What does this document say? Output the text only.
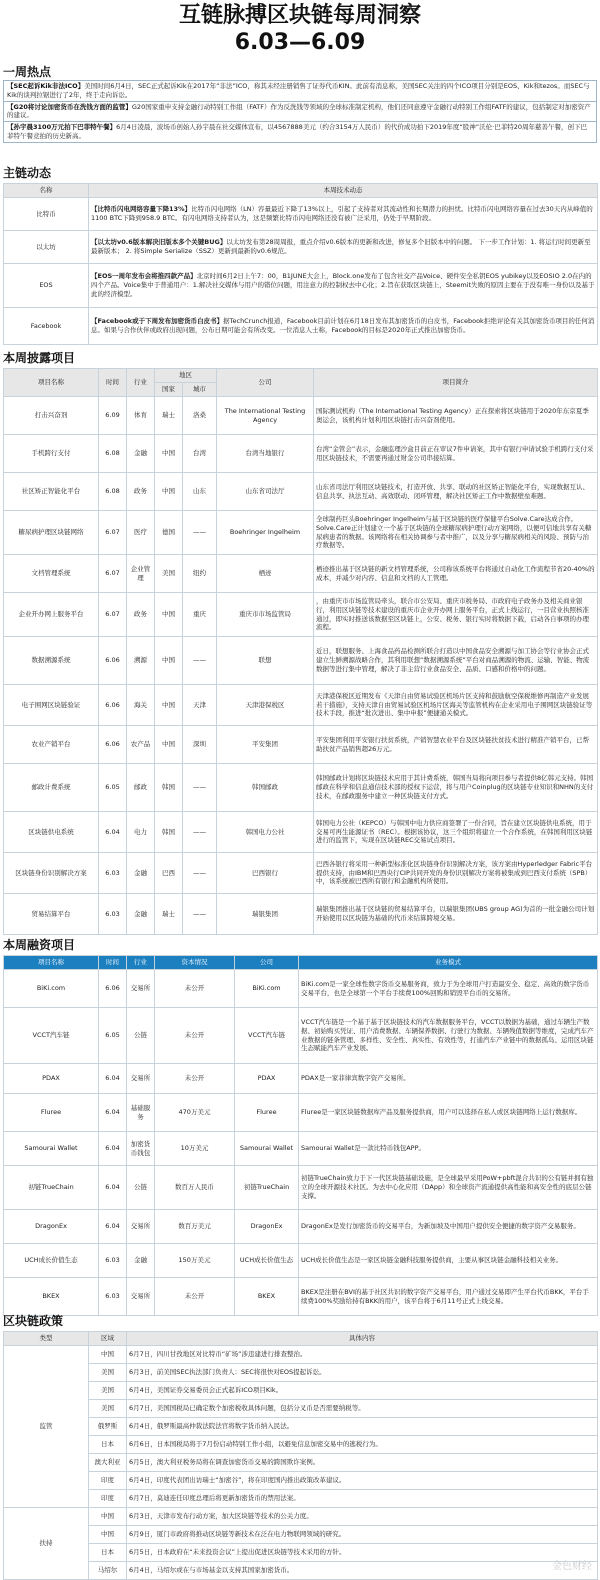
互链脉搏区块链每周洞察
6.03—6.09
一周热点
【SEC起诉Kik非法ICO】美国时间6月4日，SEC正式起诉Kik在2017年“非法”ICO，称其未经注册销售了证券代币KIN。此前有消息称，美国SEC关注的四个ICO项目分别是EOS、Kik和tezos。而SEC与Kik的谈判拉锯进行了2年，终于走向诉讼。
【G20将讨论加密货币在洗钱方面的监管】G20国家重申支持金融行动特别工作组（FATF）作为反洗钱等领域的全球标准制定机构，他们还同意遵守金融行动特别工作组FATF的建议，包括制定对加密资产的建议。
【孙宇晨3100万元拍下巴菲特午餐】6月4日凌晨，波场币创始人孙宇晨在社交媒体宣布，以4567888美元（约合3154万人民币）的代价成功拍下2019年度“股神”沃伦·巴菲特20周年慈善午餐，创下巴菲特午餐竞拍的历史新高。
主链动态
名称	本周技术动态
比特币	【比特币闪电网络容量下降13%】比特币闪电网络（LN）容量最近下降了13%以上，引起了支持者对其流动性和长期潜力的担忧。比特币闪电网络容量在过去30天内从峰值的1100 BTC下降到958.9 BTC。有闪电网络支持者认为，这是频繁比特币闪电网络还没有被广泛采用，仍处于早期阶段。
以太坊	【以太坊v0.6版本解决旧版本多个关键BUG】以太坊发布第28周周报，重点介绍v0.6版本的更新和改进，修复多个旧版本中的问题。 下一步工作计划：1. 将运行时间更新至最新版本； 2. 将Simple Serialize（SSZ）更新到最新的v0.6规范。
EOS	【EOS一周年发布会将推四款产品】北京时间6月2日上午7：00，B1JUNE大会上，Block.one发布了包含社交产品Voice、硬件安全私钥EOS yubikey以及EOSIO 2.0在内的四个产品。Voice集中于普通用户：1.解决社交媒体与用户的错位问题，用注意力的控制权去中心化；2.旨在获取区块链上，Steemit失败的原因主要在于没有唯一身份以及基于此的经济模型。
Facebook	【Facebook或于下周发布加密货币白皮书】据TechCrunch报道，Facebook目前计划在6月18日发布其加密货币的白皮书，Facebook拒绝评论有关其加密货币项目的任何消息。如果与合作伙伴或政府出现问题，公布日期可能会有所改变。一位消息人士称，Facebook的目标是2020年正式推出加密货币。
本周披露项目
项目名称	时间	行业	地区		公司	项目简介
			国家	城市		
打击兴奋剂	6.09	体育	瑞士	洛桑	The International Testing Agency	国际测试机构（The International Testing Agency）正在探索将区块链用于2020年东京夏季奥运会，该机构计划利用区块链打击兴奋剂使用。
手机跨行支付	6.08	金融	中国	台湾	台湾当地银行	台湾“金管会”表示，金融监理沙盒目前正在审议7件申请案，其中有银行申请试验手机跨行支付采用区块链技术，不需要再通过财金公司串接结算。
社区矫正智能化平台	6.08	政务	中国	山东	山东省司法厅	山东省司法厅利用区块链技术，打造开放、共享、联动的社区矫正智能化平台，实现数据互认、信息共享、执法互动、高效联动、闭环管理，解决社区矫正工作中数据壁垒难题。
糖尿病护理区块链网络	6.07	医疗	德国	——	Boehringer Ingelheim	全球制药巨头Boehringer Ingelheim与基于区块链的医疗保健平台Solve.Care达成合作。Solve.Care正计划建立一个基于区块链的全球糖尿病护理行动方案网络，以便可信地共享有关糖尿病患者的数据。该网络将在相关协调参与者中推广，以及分享与糖尿病相关的风险、预防与治疗数据等。
文档管理系统	6.07	企业管理	美国	纽约	栖迹	栖迹推出基于区块链的新文档管理系统，公司称该系统平台将通过自动化工作流程节省20-40%的成本，并减少对内容、信息和文档的人工管理。
企业开办网上服务平台	6.07	政务	中国	重庆	重庆市市场监管局	，由重庆市市场监管局牵头，联合市公安局、重庆市税务局、市政府电子政务办及相关商业银行，利用区块链等技术建设的重庆市企业开办网上服务平台，正式上线运行，一目营业执照核准通过，即实时推送该数据至区块链上，公安、税务、银行实时将数据下载，启动各自事项的办理流程。
数据溯源系统	6.06	溯源	中国	——	联想	近日，联想服务、上海食品药品检测所联合打造以中国食品安全溯源与加工协会等行业协会正式建立生鲜溯源战略合作，其利用联想“数据溯源系统”平台对商品溯源的物流、运输、智能、物流数据等进行集中管理，解决了非主营行业食品安全、品质、口感和价格中的问题。
电子围网区块链验证	6.06	海关	中国	天津	天津港保税区	天津港保税区近期发布《天津自由贸易试验区机场片区支持和鼓励航空保税维修再制造产业发展若干措施》，支持天津自由贸易试验区机场片区海关等监管机构在企业采用电子围网区块链验证等技术手段，推进“批次进出、集中申报”便捷通关模式。
农业产销平台	6.06	农产品	中国	深圳	平安集团	平安集团利用平安银行扶贫系统，产销智慧农业平台及区块链扶贫技术进行精准产销平台，已帮助扶贫产品销售超26万元。
邮政计费系统	6.05	邮政	韩国	——	韩国邮政	韩国邮政计划将区块链技术应用于其计费系统，韩国当局将向项目参与者提供8亿韩元支持。韩国邮政在科学和信息通信技术部的授权下运营，将与用户Coinplug的区块链专业知识和NHN的支付技术，在邮政服务中建立一种区块链支付方式。
区块链供电系统	6.04	电力	韩国	——	韩国电力公社	韩国电力公社（KEPCO）与韩国中电力供应商签署了一份合同，旨在建立区块链供电系统，用于交易可再生能源证书（REC）。根据该协议，这三个组织将建立一个合作系统，在韩国利用区块链进行的监管下，实现在区块链REC交易试点项目。
区块链身份识别解决方案	6.03	金融	巴西	——	巴西银行	巴西各银行将采用一种新型标准化区块链身份识别解决方案，该方案由Hyperledger Fabric平台提供支持，由IBM和巴西央行CIP共同开发的身份识别解决方案将被集成到巴西支付系统（SPB）中，该系统被巴西所有银行和金融机构所使用。
贸易结算平台	6.03	金融	瑞士	——	瑞银集团	瑞银集团推出基于区块链的贸易结算平台，以瑞银集团(UBS group AG)为首的一批金融公司计划开始使用以区块链为基础的代币来结算跨境交易。
本周融资项目
项目名称	时间	行业	资本情况	公司	业务模式
BiKi.com	6.06	交易所	未公开	BiKi.com	BiKi.com是一家全球性数字货币交易服务商，致力于为全球用户打造最安全、稳定、高效的数字货币交易平台，也是全球第一个平台手续费100%回购和销毁平台币的交易所。
VCCT汽车链	6.05	公链	未公开	VCCT汽车链	VCCT汽车链是一个基于基于区块链技术的汽车数据服务平台，VCCT以数据为基础，通过车辆生产数据、初始购买凭证、用户消费数据、车辆保养数据、行驶行为数据、车辆残值数据等维度，完成汽车产业数据的链条管理、多样性、安全性、真实性、有效性等，打通汽车产业链中的数据孤岛、运用区块链生态赋能汽车产业发展。
PDAX	6.04	交易所	未公开	PDAX	PDAX是一家菲律宾数字资产交易所。
Fluree	6.04	基础服务	470万美元	Fluree	Fluree是一家区块链数据库产品及服务提供商，用户可以选择在私人或区块链网络上运行数据库。
Samourai Wallet	6.04	加密货币钱包	10万美元	Samourai Wallet	Samourai Wallet是一款比特币钱包APP。
初链TrueChain	6.04	公链	数百万人民币	初链TrueChain	初链TrueChain致力于下一代区块链基础设施，是全球最早采用PoW+pbft混合共识的公有链并拥有独立的全球开源技术社区。为去中心化应用（DApp）和全球资产流通提供高性能和高安全性的底层公链支撑。
DragonEx	6.04	交易所	数百万美元	DragonEx	DragonEx是发行加密货币的交易平台，为新加坡及中国用户提供安全便捷的数字资产交易服务。
UCH成长价值生态	6.03	金融	150万美元	UCH成长价值生态	UCH成长价值生态是一家区块链金融科技服务提供商，主要从事区块链金融科技相关业务。
BKEX	6.03	交易所	未公开	BKEX	BKEX是注册在BVI的基于社区共识的数字资产交易平台，用户通过交易即产生平台代币BKK，平台手续费100%奖励给持有BKK的用户，该平台将于6月11号正式上线交易。
区块链政策
类型	区域	具体内容
监管	中国	6月7日，四川甘孜地区对比特币“矿场”涉违建进行排查整治。
	美国	6月3日，前美国SEC执法部门负责人：SEC将很快对EOS提起诉讼。
	美国	6月4日，美国证券交易委员会正式起诉ICO项目Kik。
	美国	6月7日，美国国税局已确定数个加密税收具体问题，包括分叉币是否需要纳税等。
	俄罗斯	6月4日，俄罗斯最高仲裁法院法官将数字货币纳入民法。
	日本	6月6日，日本国税局将于7月份启动特别工作小组，以避免信息加密交易中的逃税行为。
	澳大利亚	6月5日，澳大利亚税务局将在调查加密货币交易的跨国欺诈案例。
	印度	6月4日，印度代表团出访瑞士“加密谷”，将在印度国内推出政策改革建议。
	印度	6月7日，莫迪连任印度总理后将更新加密货币的禁用法案。
扶持	中国	6月3日，天津市发布行动方案，加大区块链等技术的公关力度。
	中国	6月9日，厦门市政府将推动区块链等新技术在泛在电力物联网领域的研究。
	日本	6月5日，日本政府在“未来投资会议”上提出促进区块链等技术采用的方针。
	马绍尔	6月4日，马绍尔或在与市场基金以支持其国家加密货币。	金色财经
